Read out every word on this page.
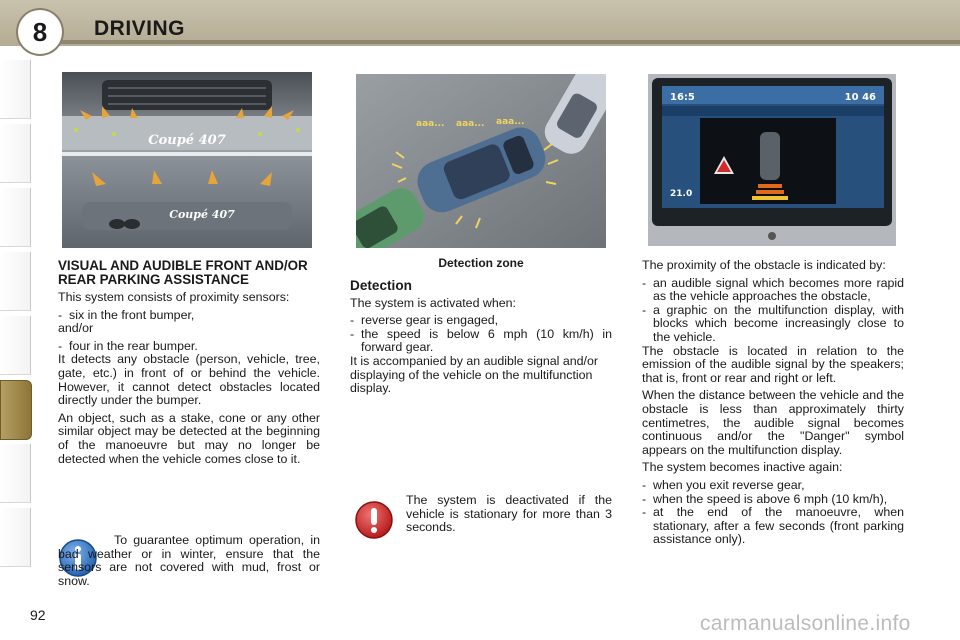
8 DRIVING
Coupé 407
Coupé 407
aaa... aaa... aaa...
16:5	10 46
21.0
Detection zone

VISUAL AND AUDIBLE FRONT AND/OR REAR PARKING ASSISTANCE

This system consists of proximity sensors:

- six in the front bumper,

and/or

- four in the rear bumper.

It detects any obstacle (person, vehicle, tree, gate, etc.) in front of or behind the vehicle. However, it cannot detect obstacles located directly under the bumper.

An object, such as a stake, cone or any other similar object may be detected at the beginning of the manoeuvre but may no longer be detected when the vehicle comes close to it.

To guarantee optimum operation, in bad weather or in winter, ensure that the sensors are not covered with mud, frost or snow.

Detection

The system is activated when:

- reverse gear is engaged,
- the speed is below 6 mph (10 km/h) in forward gear.

It is accompanied by an audible signal and/or displaying of the vehicle on the multifunction display.

The system is deactivated if the vehicle is stationary for more than 3 seconds.

The proximity of the obstacle is indicated by:

- an audible signal which becomes more rapid as the vehicle approaches the obstacle,
- a graphic on the multifunction display, with blocks which become increasingly close to the vehicle.

The obstacle is located in relation to the emission of the audible signal by the speakers; that is, front or rear and right or left.

When the distance between the vehicle and the obstacle is less than approximately thirty centimetres, the audible signal becomes continuous and/or the "Danger" symbol appears on the multifunction display.

The system becomes inactive again:

- when you exit reverse gear,
- when the speed is above 6 mph (10 km/h),
- at the end of the manoeuvre, when stationary, after a few seconds (front parking assistance only).
92	carmanualsonline.info
